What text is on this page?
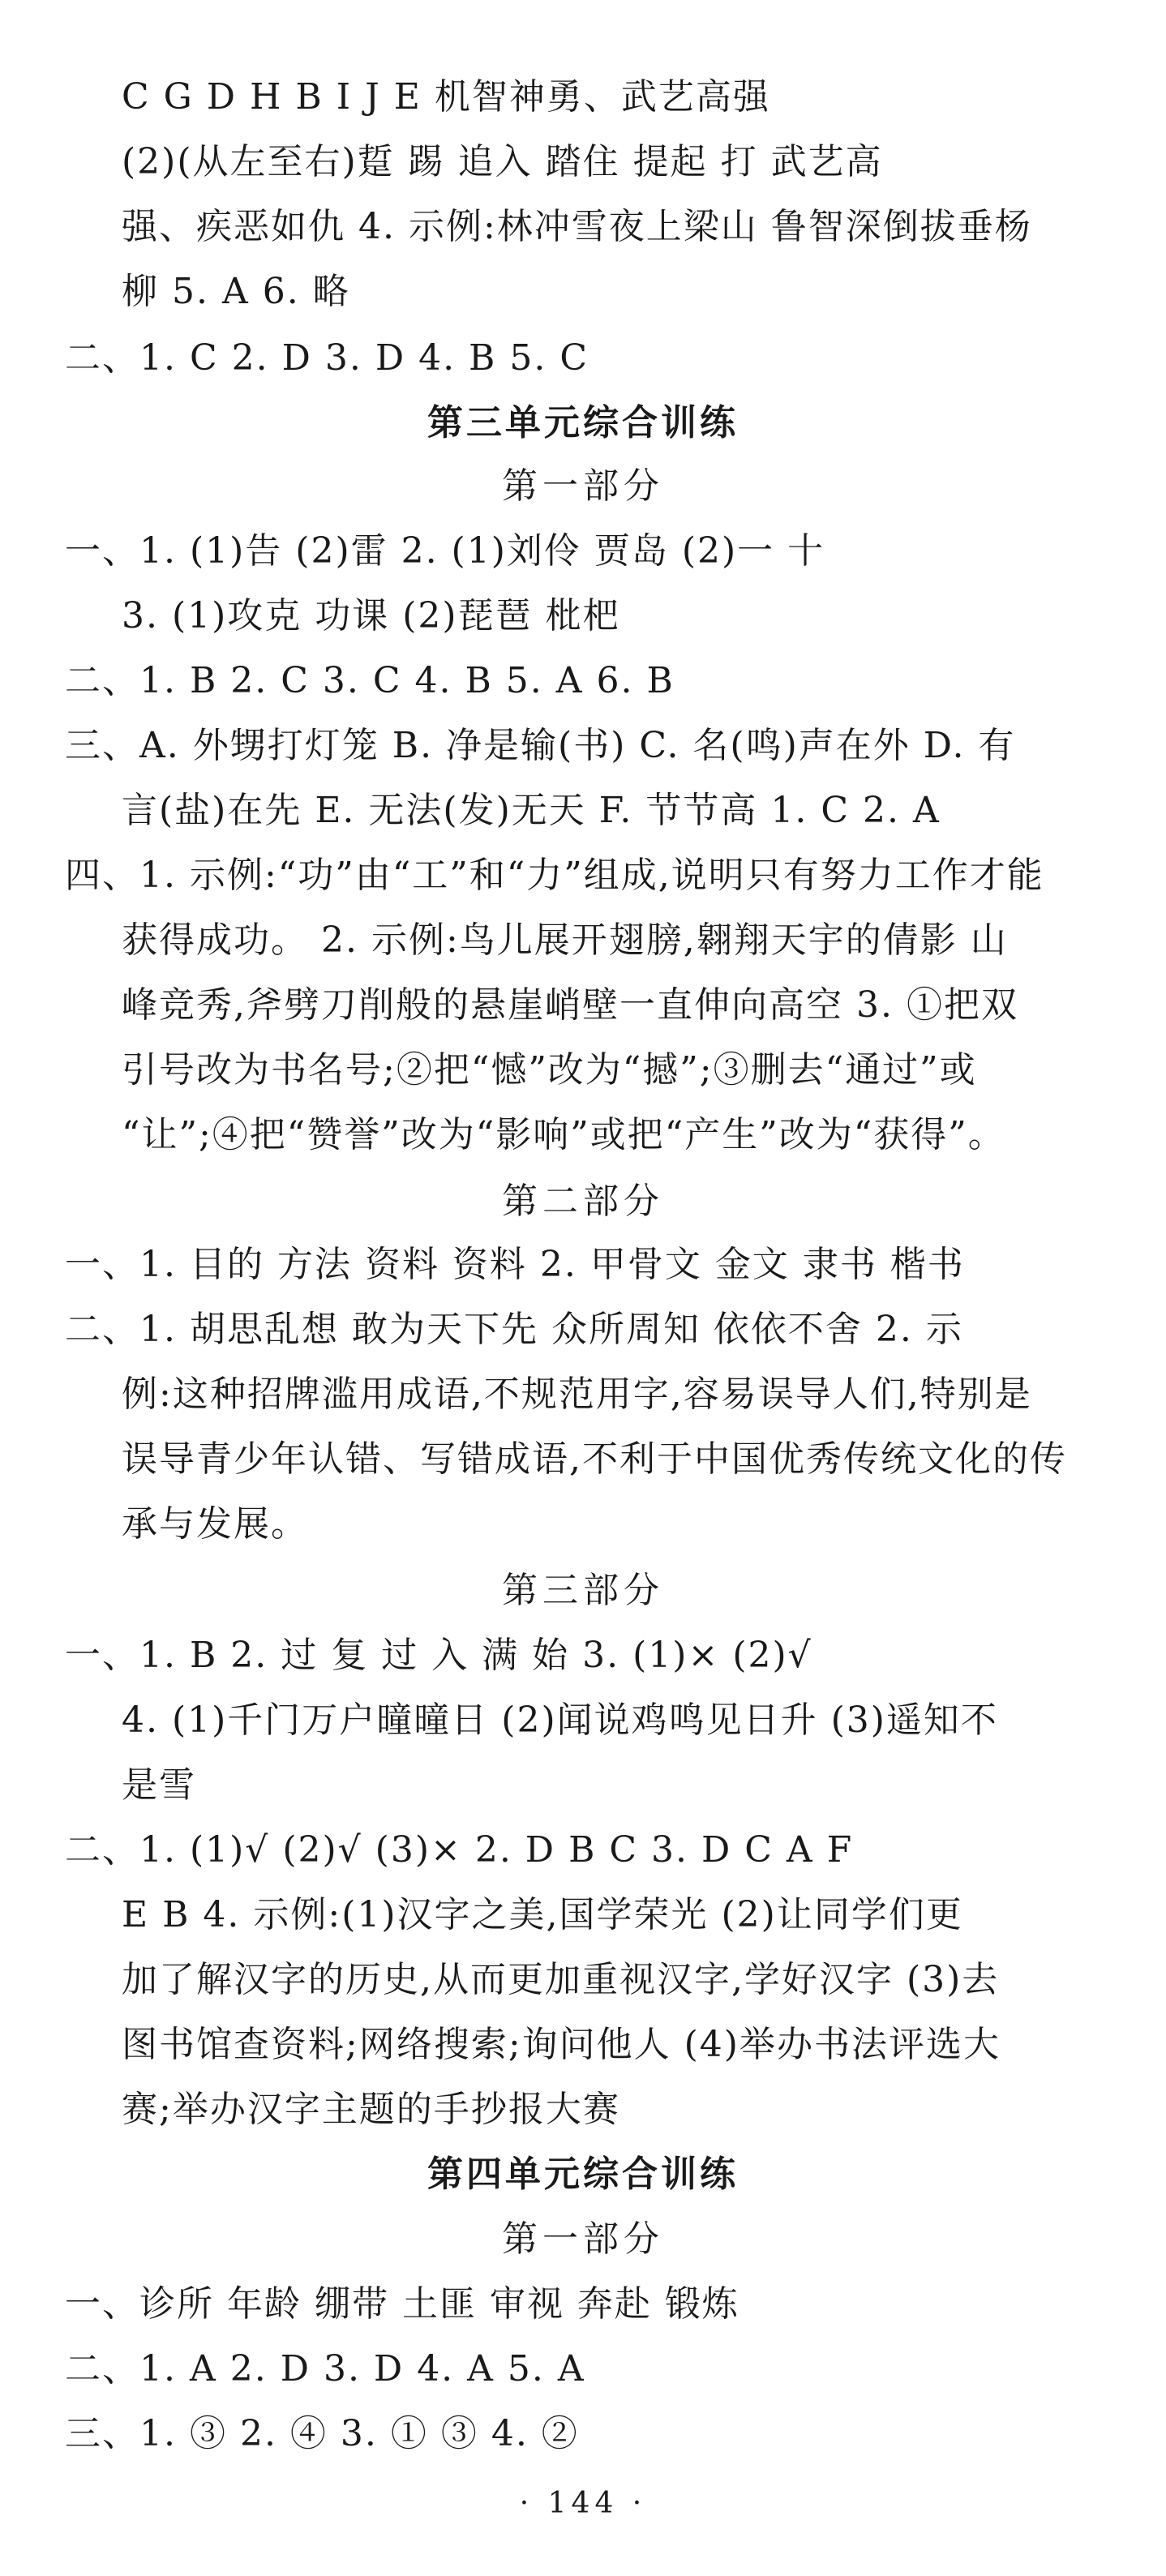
C G D H B I J E 机智神勇、武艺高强
(2)(从左至右)踅 踢 追入 踏住 提起 打 武艺高
强、疾恶如仇 4. 示例:林冲雪夜上梁山 鲁智深倒拔垂杨
柳 5. A 6. 略
二、1. C 2. D 3. D 4. B 5. C
第三单元综合训练
第一部分
一、1. (1)告 (2)雷 2. (1)刘伶 贾岛 (2)一 十
3. (1)攻克 功课 (2)琵琶 枇杷
二、1. B 2. C 3. C 4. B 5. A 6. B
三、A. 外甥打灯笼 B. 净是输(书) C. 名(鸣)声在外 D. 有
言(盐)在先 E. 无法(发)无天 F. 节节高 1. C 2. A
四、1. 示例:“功”由“工”和“力”组成,说明只有努力工作才能
获得成功。 2. 示例:鸟儿展开翅膀,翱翔天宇的倩影 山
峰竞秀,斧劈刀削般的悬崖峭壁一直伸向高空 3. ①把双
引号改为书名号;②把“憾”改为“撼”;③删去“通过”或
“让”;④把“赞誉”改为“影响”或把“产生”改为“获得”。
第二部分
一、1. 目的 方法 资料 资料 2. 甲骨文 金文 隶书 楷书
二、1. 胡思乱想 敢为天下先 众所周知 依依不舍 2. 示
例:这种招牌滥用成语,不规范用字,容易误导人们,特别是
误导青少年认错、写错成语,不利于中国优秀传统文化的传
承与发展。
第三部分
一、1. B 2. 过 复 过 入 满 始 3. (1)× (2)√
4. (1)千门万户曈曈日 (2)闻说鸡鸣见日升 (3)遥知不
是雪
二、1. (1)√ (2)√ (3)× 2. D B C 3. D C A F
E B 4. 示例:(1)汉字之美,国学荣光 (2)让同学们更
加了解汉字的历史,从而更加重视汉字,学好汉字 (3)去
图书馆查资料;网络搜索;询问他人 (4)举办书法评选大
赛;举办汉字主题的手抄报大赛
第四单元综合训练
第一部分
一、诊所 年龄 绷带 土匪 审视 奔赴 锻炼
二、1. A 2. D 3. D 4. A 5. A
三、1. ③ 2. ④ 3. ① ③ 4. ②
· 144 ·
